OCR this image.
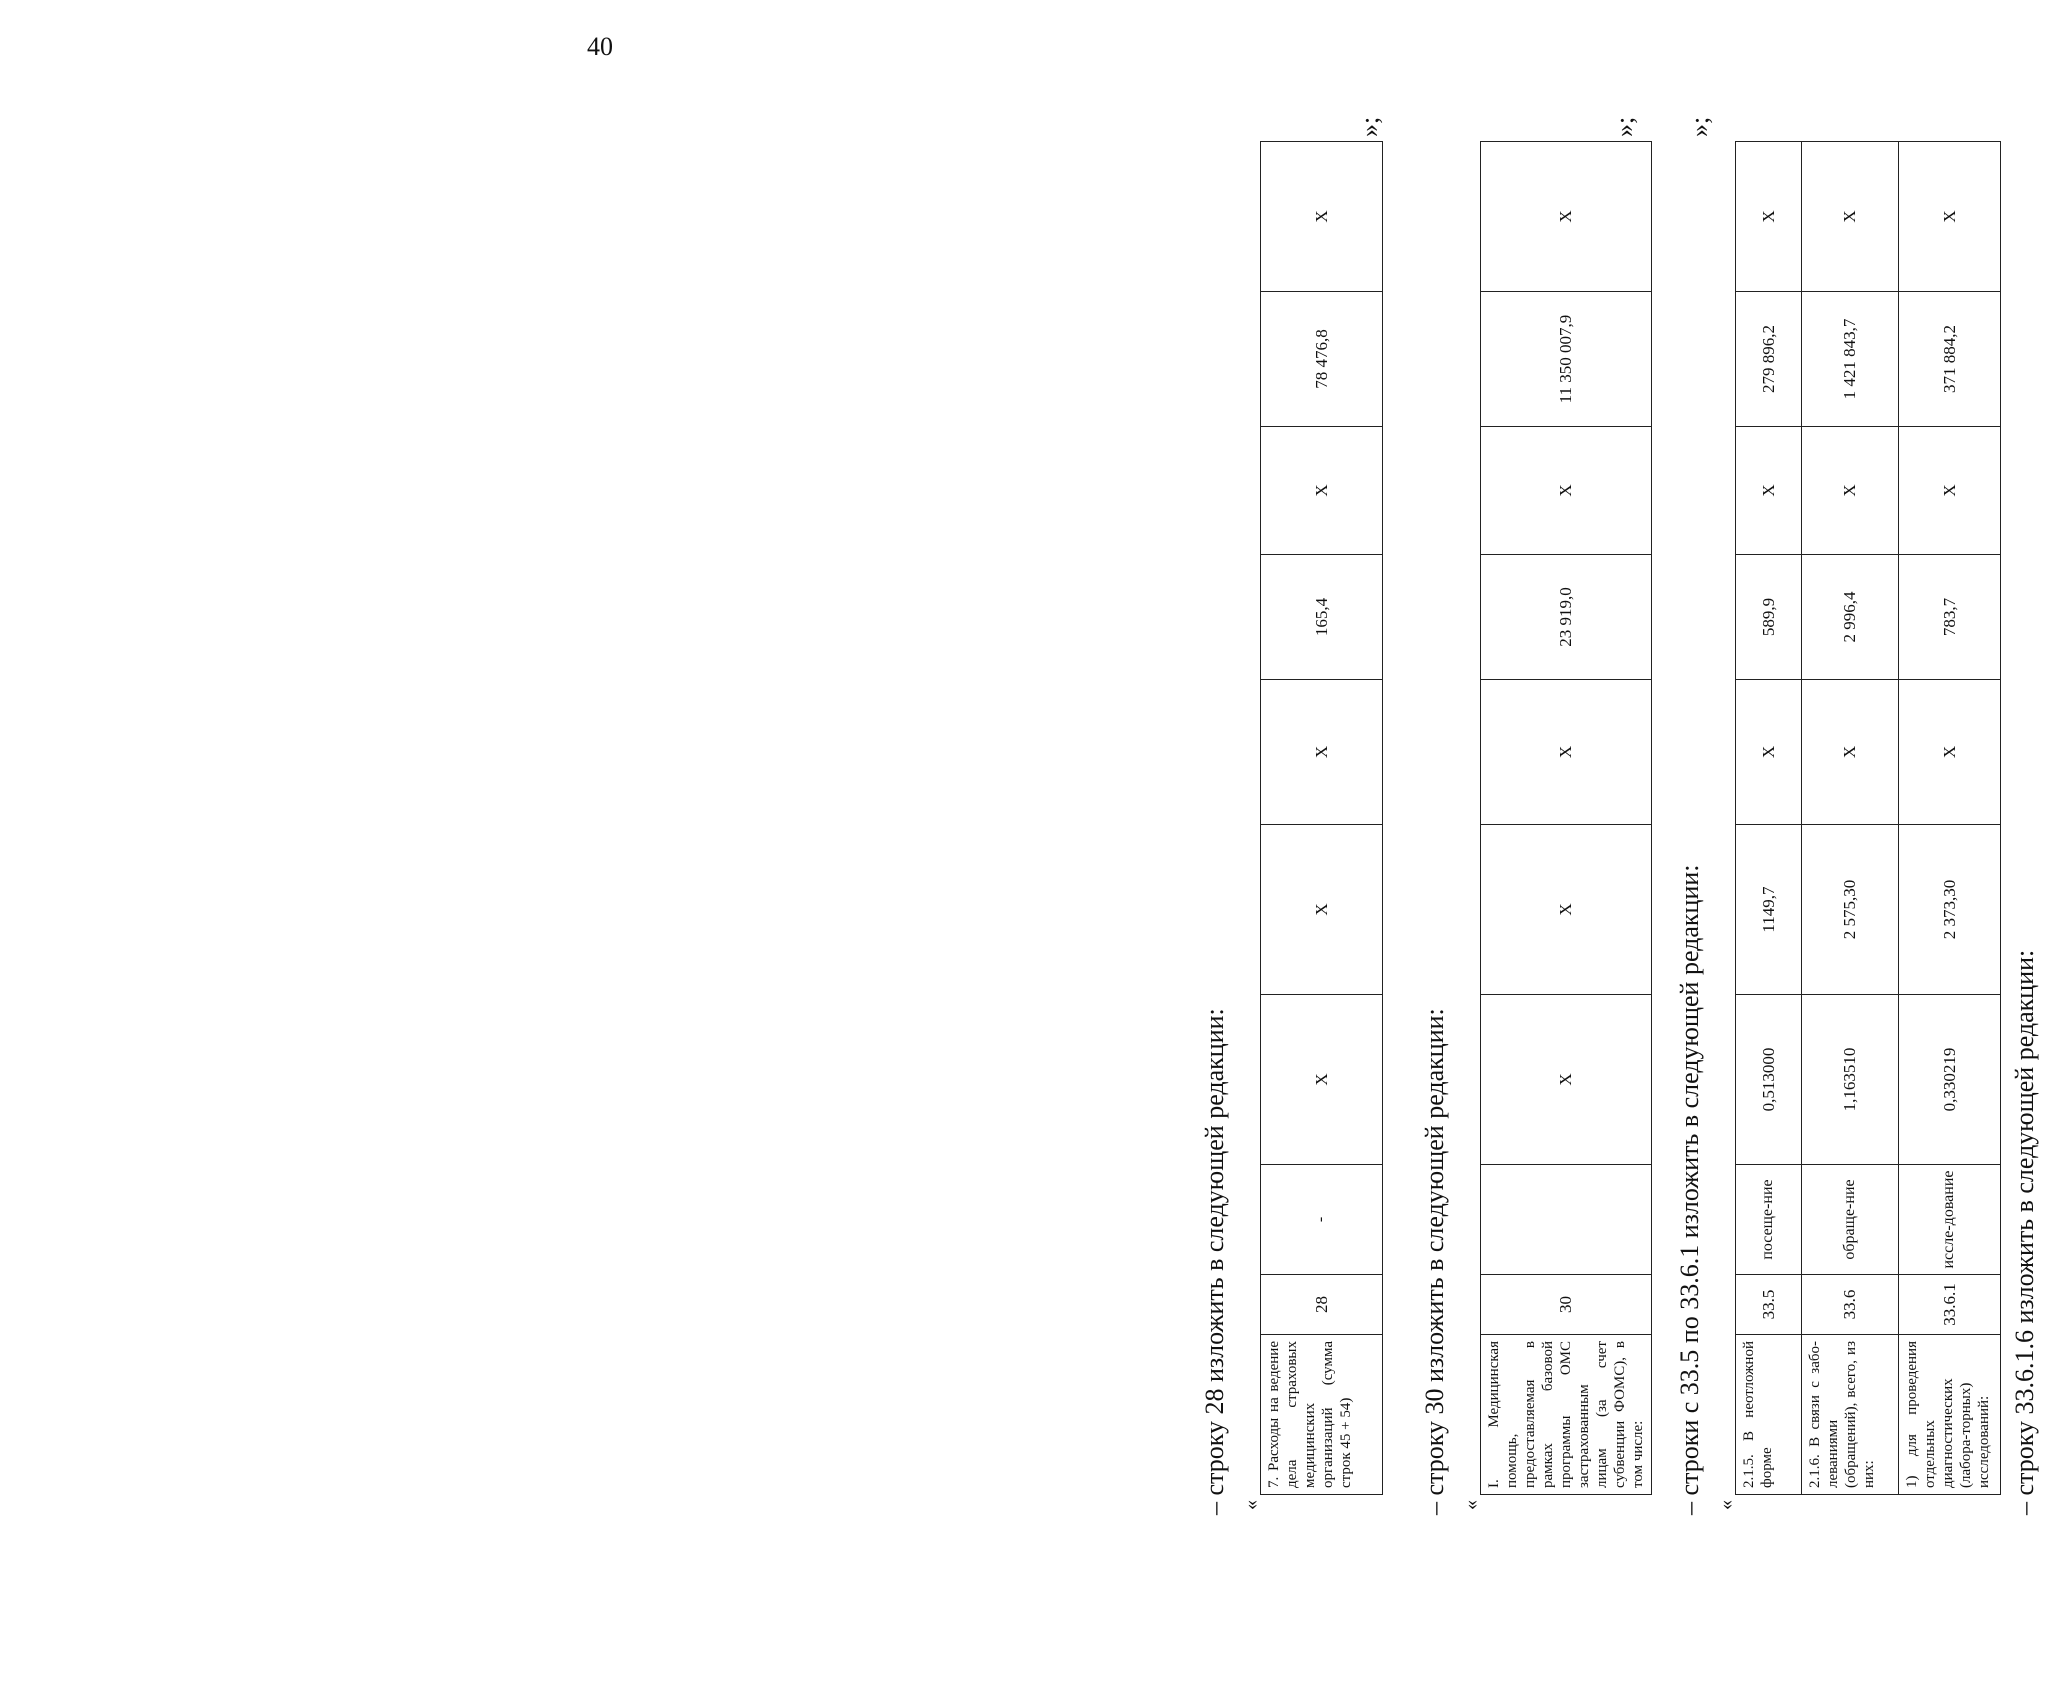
40
– строку 28 изложить в следующей редакции: «
7. Расходы на ведение дела страховых медицинских организаций (сумма строк 45 + 54)	28	-	X	X	X	165,4	X	78 476,8	X
»;
– строку 30 изложить в следующей редакции: «
I. Медицинская помощь, предоставляемая в рамках базовой программы ОМС застрахованным лицам (за счет субвенции ФОМС), в том числе:	30		X	X	X	23 919,0	X	11 350 007,9	X
»;
– строки с 33.5 по 33.6.1 изложить в следующей редакции: «
2.1.5. В неотложной форме	33.5	посеще-ние	0,513000	1149,7	X	589,9	X	279 896,2	X
2.1.6. В связи с забо-леваниями (обращений), всего, из них:	33.6	обраще-ние	1,163510	2 575,30	X	2 996,4	X	1 421 843,7	X
1) для проведения отдельных диагностических (лабора-торных) исследований:	33.6.1	иссле-дование	0,330219	2 373,30	X	783,7	X	371 884,2	X
»;
– строку 33.6.1.6 изложить в следующей редакции:
